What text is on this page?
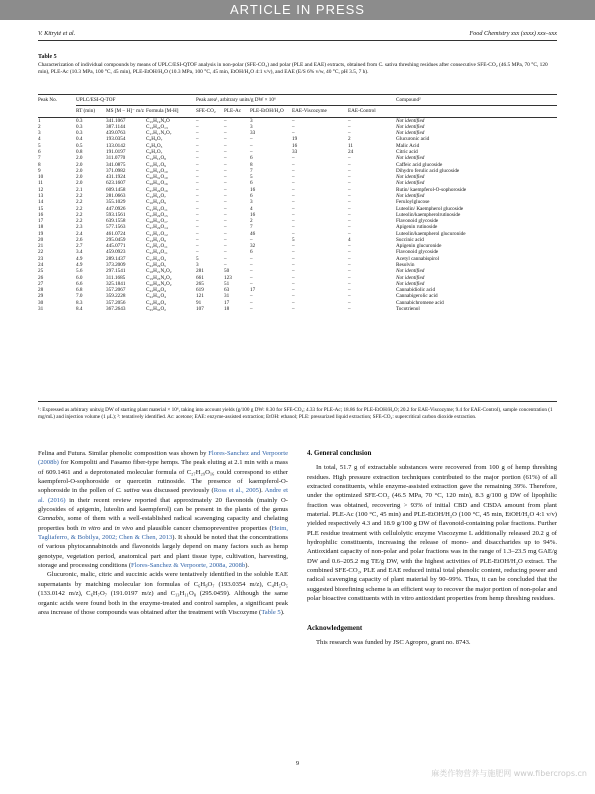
ARTICLE IN PRESS
V. Kitrytė et al.	Food Chemistry xxx (xxxx) xxx–xxx
Table 5
Characterization of individual compounds by means of UPLC/ESI-QTOF analysis in non-polar (SFE-CO₂) and polar (PLE and EAE) extracts, obtained from C. sativa threshing residues after consecutive SFE-CO₂ (46.5 MPa, 70 °C, 120 min), PLE-Ac (10.3 MPa, 100 °C, 45 min), PLE-EtOH/H₂O (10.3 MPa, 100 °C, 45 min, EtOH/H₂O 4:1 v/v), and EAE (E/S 6% v/w, 40 °C, pH 3.5, 7 h).
Peak No.	UPLC/ESI-Q-TOF			Peak area¹, arbitrary units/g DW × 10⁶					Compound²
	RT (min)	MS [M − H]⁻ m/z	Formula [M-H]	SFE-CO₂	PLE-Ac	PLE-EtOH/H₂O	EAE-Viscozyme	EAE-Control	
1	0.3	341.1067	C₁₅H₁₉N₃O	–	–	3	–	–	Not identified
2	0.3	387.1144	C₁₃H₂₃O₁₃	–	–	3	–	–	Not identified
3	0.3	439.0763	C₁₇H₁₇N₂O₇	–	–	33	–	–	Not identified
4	0.4	193.0354	C₆H₉O₇	–	–	–	19	2	Glucuronic acid
5	0.5	133.0142	C₄H₅O₅	–	–	–	16	11	Malic Acid
6	0.8	191.0197	C₆H₇O₇	–	–	–	33	24	Citric acid
7	2.0	311.0770	C₁₄H₁₅O₈	–	–	6	–	–	Not identified
8	2.0	341.0875	C₁₅H₁₇O₉	–	–	8	–	–	Caffeic acid glucoside
9	2.0	371.0982	C₁₆H₁₉O₁₀	–	–	7	–	–	Dihydro ferulic acid glucoside
10	2.0	431.1924	C₂₀H₃₁O₁₀	–	–	5	–	–	Not identified
11	2.0	623.1607	C₂₈H₃₁O₁₆	–	–	6	–	–	Not identified
12	2.1	609.1458	C₂₇H₂₉O₁₆	–	–	16	–	–	Rutin/ kaempferol-O-sophoroside
13	2.2	281.0663	C₁₃H₁₃O₇	–	–	6	–	–	Not identified
14	2.2	355.1029	C₁₆H₁₉O₉	–	–	3	–	–	Feruloylglucose
15	2.2	447.0926	C₂₁H₁₉O₁₁	–	–	4	–	–	Luteolin/ Kaempherol glucoside
16	2.2	593.1561	C₂₇H₂₉O₁₅	–	–	16	–	–	Luteolin/kaempherolrutinoside
17	2.2	639.1558	C₂₈H₃₁O₁₇	–	–	2	–	–	Flavonoid glycoside
18	2.3	577.1563	C₂₇H₂₉O₁₄	–	–	7	–	–	Apigenin rutinoside
19	2.4	461.0724	C₂₁H₁₇O₁₂	–	–	46	–	–	Luteolin/kaempherol glucuronide
20	2.6	295.0459	C₁₃H₁₁O₈	–	–	–	5	4	Succinic acid
21	2.7	445.0771	C₂₁H₁₇O₁₁	–	–	32	–	–	Apigenin glucuronide
22	3.4	459.0923	C₂₂H₁₉O₁₁	–	–	6	–	–	Flavonoid glycoside
23	4.9	289.1437	C₁₇H₂₁O₄	5	–	–	–	–	Acetyl cannabispirol
24	4.9	373.2009	C₂₂H₂₉O₅	3	–	–	–	–	Resolvin
25	5.6	297.1541	C₁₈H₂₁N₂O₂	281	50	–	–	–	Not identified
26	6.0	311.1685	C₁₉H₂₃N₂O₂	661	123	–	–	–	Not identified
27	6.6	325.1841	C₂₀H₂₅N₂O₂	265	51	–	–	–	Not identified
28	6.8	357.2067	C₂₂H₂₉O₄	619	63	17	–	–	Cannabidiolic acid
29	7.0	359.2228	C₂₂H₃₁O₄	121	31	–	–	–	Cannabigerolic acid
30	8.3	357.2056	C₂₂H₂₉O₄	91	17	–	–	–	Cannabichromene acid
31	8.4	367.2643	C₂₅H₃₅O₂	107	18	–	–	–	Tocotrienol
¹: Expressed as arbitrary units/g DW of starting plant material × 10⁶, taking into account yields (g/100 g DW: 8.30 for SFE-CO₂; 4.33 for PLE-Ac; 18.86 for PLE-EtOH/H₂O; 20.2 for EAE-Viscozyme; 9.4 for EAE-Control), sample concentration (1 mg/mL) and injection volume (1 μL); ²: tentatively identified. Ac: acetone; EAE: enzyme-assisted extraction; EtOH: ethanol; PLE: pressurized liquid extraction; SFE-CO₂: supercritical carbon dioxide extraction.

Felina and Futura. Similar phenolic composition was shown by Flores-Sanchez and Verpoorte (2008b) for Kompoliti and Fasamo fiber-type hemps. The peak eluting at 2.1 min with a mass of 609.1461 and a deprotonated molecular formula of C₂₇H₂₉O₁₆ could correspond to either kaempferol-O-sophoroside or quercetin rutinoside. The presence of kaempferol-O-sophoroside in the pollen of C. sativa was discussed previously (Ross et al., 2005). Andre et al. (2016) in their recent review reported that approximately 20 flavonoids (mainly O-glycosides of apigenin, luteolin and kaempferol) can be present in the plants of the genus Cannabis, some of them with a well-established radical scavenging capacity and chelating properties both in vitro and in vivo and plausible cancer chemopreventive properties (Heim, Tagliaferro, & Bobilya, 2002; Chen & Chen, 2013). It should be noted that the concentrations of various phytocannabinoids and flavonoids largely depend on many factors such as hemp genotype, vegetation period, anatomical part and plant tissue type, cultivation, harvesting, storage and processing conditions (Flores-Sanchez & Verpoorte, 2008a, 2008b).

Glucuronic, malic, citric and succinic acids were tentatively identified in the soluble EAE supernatants by matching molecular ion formulas of C₆H₉O₇ (193.0354 m/z), C₄H₅O₅ (133.0142 m/z), C₆H₇O₇ (191.0197 m/z) and C₁₃H₁₁O₈ (295.0459). Although the same organic acids were found both in the enzyme-treated and control samples, a significant peak area increase of those compounds was obtained after the treatment with Viscozyme (Table 5).

4. General conclusion

In total, 51.7 g of extractable substances were recovered from 100 g of hemp threshing residues. High pressure extraction techniques contributed to the major portion (61%) of all extracted constituents, while enzyme-assisted extraction gave the remaining 39%. Therefore, under the optimized SFE-CO₂ (46.5 MPa, 70 °C, 120 min), 8.3 g/100 g DW of lipophilic fraction was obtained, recovering > 93% of initial CBD and CBDA amount from plant material. PLE-Ac (100 °C, 45 min) and PLE-EtOH/H₂O (100 °C, 45 min, EtOH/H₂O 4:1 v/v) yielded respectively 4.3 and 18.9 g/100 g DW of flavonoid-containing polar fractions. Further PLE residue treatment with cellulolytic enzyme Viscozyme L additionally released 20.2 g of hydrophilic constituents, increasing the release of mono- and disaccharides up to 94%. Antioxidant capacity of non-polar and polar fractions was in the range of 1.3–23.5 mg GAE/g DW and 0.6–205.2 mg TE/g DW, with the highest activities of PLE-EtOH/H₂O extract. The combined SFE-CO₂, PLE and EAE reduced initial total phenolic content, reducing power and radical scavenging capacity of plant material by 90–99%. Thus, it can be concluded that the suggested biorefining scheme is an efficient way to recover the major portion of non-polar and polar bioactive constituents with in vitro antioxidant properties from hemp threshing residues.

Acknowledgement

This research was funded by JSC Agropro, grant no. 8743.

9
麻类作物营养与施肥网 www.fibercrops.cn
